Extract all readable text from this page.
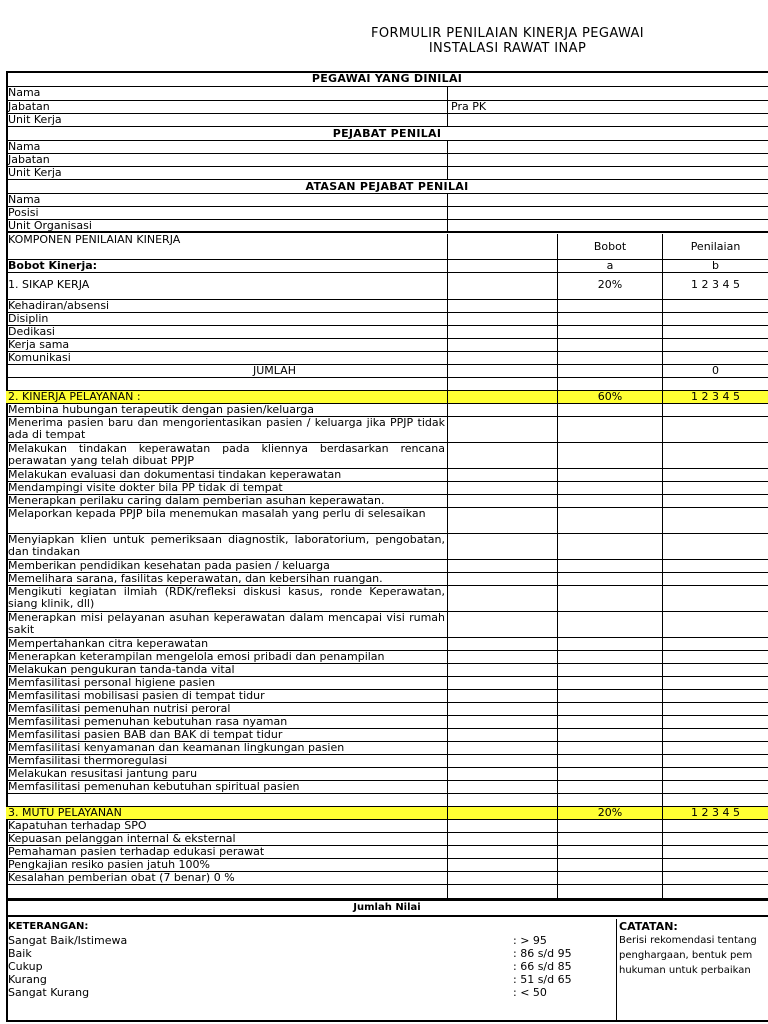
FORMULIR PENILAIAN KINERJA PEGAWAI
INSTALASI RAWAT INAP
PEGAWAI YANG DINILAI
Nama
Jabatan	Pra PK
Unit Kerja
PEJABAT PENILAI
Nama
Jabatan
Unit Kerja
ATASAN PEJABAT PENILAI
Nama
Posisi
Unit Organisasi
KOMPONEN PENILAIAN KINERJA
Bobot	Penilaian
Bobot Kinerja:	a	b
1. SIKAP KERJA	20%	1 2 3 4 5
Kehadiran/absensi
Disiplin
Dedikasi
Kerja sama
Komunikasi
JUMLAH	0
2. KINERJA PELAYANAN :	60%	1 2 3 4 5
Membina hubungan terapeutik dengan pasien/keluarga
Menerima pasien baru dan mengorientasikan pasien / keluarga jika PPJP tidak ada di tempat
Melakukan tindakan keperawatan pada kliennya berdasarkan rencana perawatan yang telah dibuat PPJP
Melakukan evaluasi dan dokumentasi tindakan keperawatan
Mendampingi visite dokter bila PP tidak di tempat
Menerapkan perilaku caring dalam pemberian asuhan keperawatan.
Melaporkan kepada PPJP bila menemukan masalah yang perlu di selesaikan
Menyiapkan klien untuk pemeriksaan diagnostik, laboratorium, pengobatan, dan tindakan
Memberikan pendidikan kesehatan pada pasien / keluarga
Memelihara sarana, fasilitas keperawatan, dan kebersihan ruangan.
Mengikuti kegiatan ilmiah (RDK/refleksi diskusi kasus, ronde Keperawatan, siang klinik, dll)
Menerapkan misi pelayanan asuhan keperawatan dalam mencapai visi rumah sakit
Mempertahankan citra keperawatan
Menerapkan keterampilan mengelola emosi pribadi dan penampilan
Melakukan pengukuran tanda-tanda vital
Memfasilitasi personal higiene pasien
Memfasilitasi mobilisasi pasien di tempat tidur
Memfasilitasi pemenuhan nutrisi peroral
Memfasilitasi pemenuhan kebutuhan rasa nyaman
Memfasilitasi pasien BAB dan BAK di tempat tidur
Memfasilitasi kenyamanan dan keamanan lingkungan pasien
Memfasilitasi thermoregulasi
Melakukan resusitasi jantung paru
Memfasilitasi pemenuhan kebutuhan spiritual pasien
3. MUTU PELAYANAN	20%	1 2 3 4 5
Kapatuhan terhadap SPO
Kepuasan pelanggan internal & eksternal
Pemahaman pasien terhadap edukasi perawat
Pengkajian resiko pasien jatuh 100%
Kesalahan pemberian obat (7 benar) 0 %
Jumlah Nilai
KETERANGAN:
Sangat Baik/Istimewa	: > 95
Baik	: 86 s/d 95
Cukup	: 66 s/d 85
Kurang	: 51 s/d 65
Sangat Kurang	: < 50
CATATAN:
Berisi rekomendasi tentang
penghargaan, bentuk pem
hukuman untuk perbaikan
